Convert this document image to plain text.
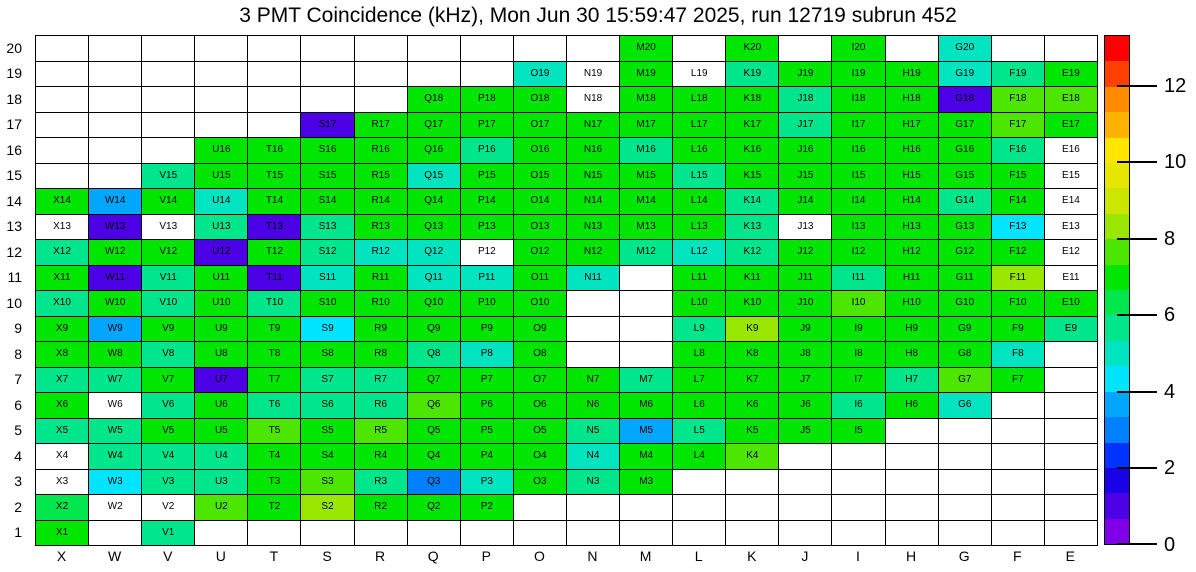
3 PMT Coincidence (kHz), Mon Jun 30 15:59:47 2025, run 12719 subrun 452
20
19
18
17
16
15
14
13
12
11
10
9
8
7
6
5
4
3
2
1
M20	K20	I20	G20
O19	N19	M19	L19	K19	J19	I19	H19	G19	F19	E19
Q18	P18	O18	N18	M18	L18	K18	J18	I18	H18	G18	F18	E18
S17	R17	Q17	P17	O17	N17	M17	L17	K17	J17	I17	H17	G17	F17	E17
U16	T16	S16	R16	Q16	P16	O16	N16	M16	L16	K16	J16	I16	H16	G16	F16	E16
V15	U15	T15	S15	R15	Q15	P15	O15	N15	M15	L15	K15	J15	I15	H15	G15	F15	E15
X14	W14	V14	U14	T14	S14	R14	Q14	P14	O14	N14	M14	L14	K14	J14	I14	H14	G14	F14	E14
X13	W13	V13	U13	T13	S13	R13	Q13	P13	O13	N13	M13	L13	K13	J13	I13	H13	G13	F13	E13
X12	W12	V12	U12	T12	S12	R12	Q12	P12	O12	N12	M12	L12	K12	J12	I12	H12	G12	F12	E12
X11	W11	V11	U11	T11	S11	R11	Q11	P11	O11	N11	L11	K11	J11	I11	H11	G11	F11	E11
X10	W10	V10	U10	T10	S10	R10	Q10	P10	O10	L10	K10	J10	I10	H10	G10	F10	E10
X9	W9	V9	U9	T9	S9	R9	Q9	P9	O9	L9	K9	J9	I9	H9	G9	F9	E9
X8	W8	V8	U8	T8	S8	R8	Q8	P8	O8	L8	K8	J8	I8	H8	G8	F8
X7	W7	V7	U7	T7	S7	R7	Q7	P7	O7	N7	M7	L7	K7	J7	I7	H7	G7	F7
X6	W6	V6	U6	T6	S6	R6	Q6	P6	O6	N6	M6	L6	K6	J6	I6	H6	G6
X5	W5	V5	U5	T5	S5	R5	Q5	P5	O5	N5	M5	L5	K5	J5	I5
X4	W4	V4	U4	T4	S4	R4	Q4	P4	O4	N4	M4	L4	K4
X3	W3	V3	U3	T3	S3	R3	Q3	P3	O3	N3	M3
X2	W2	V2	U2	T2	S2	R2	Q2	P2
X1	V1
X	W	V	U	T	S	R	Q	P	O	N	M	L	K	J	I	H	G	F	E	0
2
4
6
8
10
12
